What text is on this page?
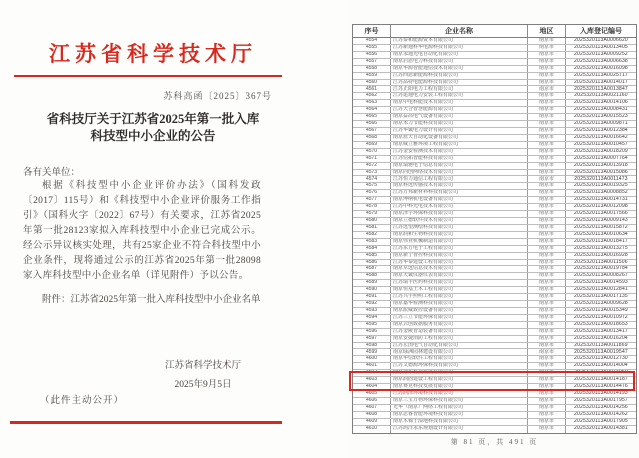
江苏省科学技术厅
苏科高函〔2025〕367号
省科技厅关于江苏省2025年第一批入库
科技型中小企业的公告
各有关单位：
根据《科技型中小企业评价办法》（国科发政〔2017〕115号）和《科技型中小企业评价服务工作指引》（国科火字〔2022〕67号）有关要求，江苏省2025年第一批28123家拟入库科技型中小企业已完成公示。经公示异议核实处理，共有25家企业不符合科技型中小企业条件，现将通过公示的江苏省2025年第一批28098家入库科技型中小企业名单（详见附件）予以公告。
附件：江苏省2025年第一批入库科技型中小企业名单
江苏省科学技术厅
2025年9月5日
（此件主动公开）
序号	企业名称	地区	入库登记编号
4554	江苏泰和能源资本有限公司	南京市	2025320113A0006620
4555	江苏新通科华电源科技有限公司	南京市	2025320113A0013405
4556	南京永通光电自动化有限公司	南京市	2025320113A0009252
4557	南京启恩电力科技有限公司	南京市	2025320113A0006638
4558	南京华源智能通信技术有限公司	南京市	2025320113A0016098
4559	江苏西恩新能源科技有限公司	南京市	2025320113A0025717
4560	江苏品特电能源科技有限公司	南京市	2025320113A0014017
4561	江苏正阳电力工程有限公司	南京市	2025320113A0013847
4562	江苏运通电力安装工程有限公司	南京市	2025320113A0021160
4563	南京中电科能技术有限公司	南京市	2025320113A0014106
4564	江苏天合智慧能源有限公司	南京市	2025320113A0008431
4565	南京益高电气设备有限公司	南京市	2025320113A0015523
4566	南京禾力节能科技有限公司	南京市	2025320113A0009871
4567	江苏华诚电力设计有限公司	南京市	2025320113A0012384
4568	南京蓝天自动化设备有限公司	南京市	2025320113A0016642
4569	南京威立雅环境工程有限公司	南京市	2025320113A0010457
4570	江苏金安检测技术有限公司	南京市	2025320113A0018209
4571	江苏信拓智能科技有限公司	南京市	2025320113A0007764
4572	南京瑞驰电子信息有限公司	南京市	2025320113A0013918
4573	南京同创网络技术有限公司	南京市	2025320113A0015086
4574	江苏恒力通信工程有限公司	南京市	2025320113A0011473
4575	南京科远传感技术有限公司	南京市	2025320113A0019325
4576	江苏万邦新材料科技有限公司	南京市	2025320113A0008852
4577	南京博纳机电设备有限公司	南京市	2025320113A0014731
4578	江苏中科光电技术有限公司	南京市	2025320113A0012098
4579	南京泽宇环保科技有限公司	南京市	2025320113A0017566
4580	南京立德软件技术有限公司	南京市	2025320113A0009143
4581	江苏远望测绘科技有限公司	南京市	2025320113A0015872
4582	南京润和生物科技有限公司	南京市	2025320113A0010634
4583	南京伟业机械制造有限公司	南京市	2025320113A0018417
4584	江苏东方电子工程有限公司	南京市	2025320113A0013275
4585	南京新宁智控科技有限公司	南京市	2025320113A0016928
4586	江苏华泰建设工程有限公司	南京市	2025320113A0011506
4587	南京卓远信息技术有限公司	南京市	2025320113A0019784
4588	南京天诚仪器仪表有限公司	南京市	2025320113A0008267
4589	江苏瑞丰医药科技有限公司	南京市	2025320113A0014593
4590	南京恒基土木工程有限公司	南京市	2025320113A0012841
4591	江苏兴宇照明工程有限公司	南京市	2025320113A0017135
4592	南京嘉华检测科技有限公司	南京市	2025320113A0009628
4593	南京派威数控设备有限公司	南京市	2025320113A0015349
4594	江苏三立节能环保有限公司	南京市	2025320113A0010972
4595	南京云创数据服务有限公司	南京市	2025320113A0018653
4596	江苏金陵智造装备有限公司	南京市	2025320113A0013417
4597	南京安捷消防工程有限公司	南京市	2025320113A0016204
4598	江苏宏图电气自动化有限公司	南京市	2025320113A0011869
4599	南京绿洲园林建设有限公司	南京市	2025320113A0019547
4600	南京华信软件工程有限公司	南京市	2025320113A0012730
4601	江苏艾德源环保科技有限公司	南京市	2025320113A0014004
4602	南京清华科技发展有限公司	南京市	2025320113A0014069
4603	南京润固建设工程有限公司	南京市	2025320113A0014187
4604	南京赛克科技发展有限公司	南京市	2025320113A0014476
4605	江苏润泽环境科技有限公司	南京市	2025320113A0014193
4606	南京三宝万物环保科技有限公司	南京市	2025320113A0017957
4607	光华（南京）网络工程有限公司	南京市	2025320113A0014256
4608	南京思睿智能环境科技有限公司	南京市	2025320113A0014262
4609	南京木棉子湿地科技有限公司	南京市	2025320113A0017905
4610	江苏鸿洋永东规划设计有限公司	南京市	2025320113A0014381
第 81 页，共 491 页
